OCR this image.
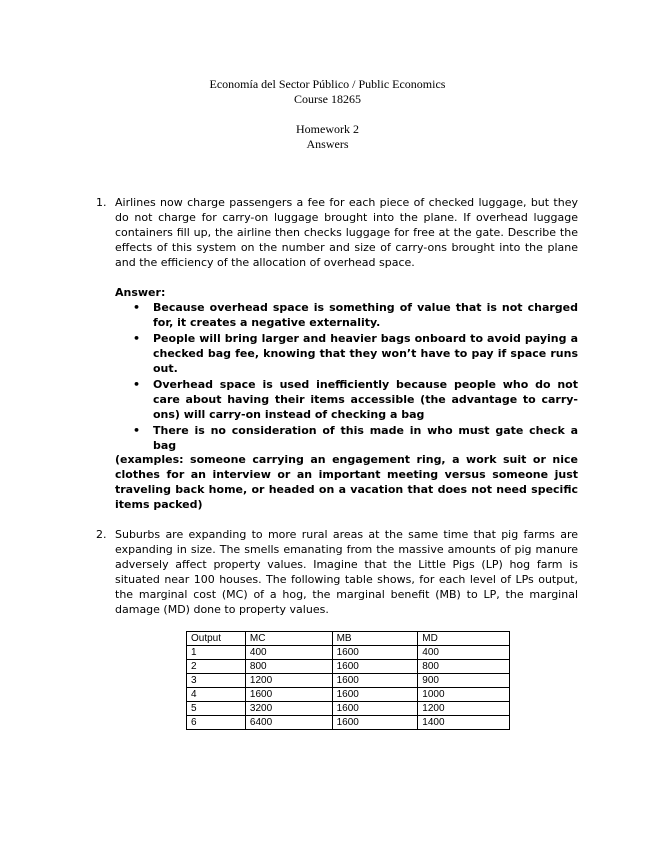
Economía del Sector Público / Public Economics
Course 18265
Homework 2
Answers
1. Airlines now charge passengers a fee for each piece of checked luggage, but they do not charge for carry-on luggage brought into the plane. If overhead luggage containers fill up, the airline then checks luggage for free at the gate. Describe the effects of this system on the number and size of carry-ons brought into the plane and the efficiency of the allocation of overhead space.
Answer:
• Because overhead space is something of value that is not charged for, it creates a negative externality.
• People will bring larger and heavier bags onboard to avoid paying a checked bag fee, knowing that they won’t have to pay if space runs out.
• Overhead space is used inefficiently because people who do not care about having their items accessible (the advantage to carry-ons) will carry-on instead of checking a bag
• There is no consideration of this made in who must gate check a bag
(examples: someone carrying an engagement ring, a work suit or nice clothes for an interview or an important meeting versus someone just traveling back home, or headed on a vacation that does not need specific items packed)
2. Suburbs are expanding to more rural areas at the same time that pig farms are expanding in size. The smells emanating from the massive amounts of pig manure adversely affect property values. Imagine that the Little Pigs (LP) hog farm is situated near 100 houses. The following table shows, for each level of LPs output, the marginal cost (MC) of a hog, the marginal benefit (MB) to LP, the marginal damage (MD) done to property values.
Output	MC	MB	MD
1	400	1600	400
2	800	1600	800
3	1200	1600	900
4	1600	1600	1000
5	3200	1600	1200
6	6400	1600	1400
